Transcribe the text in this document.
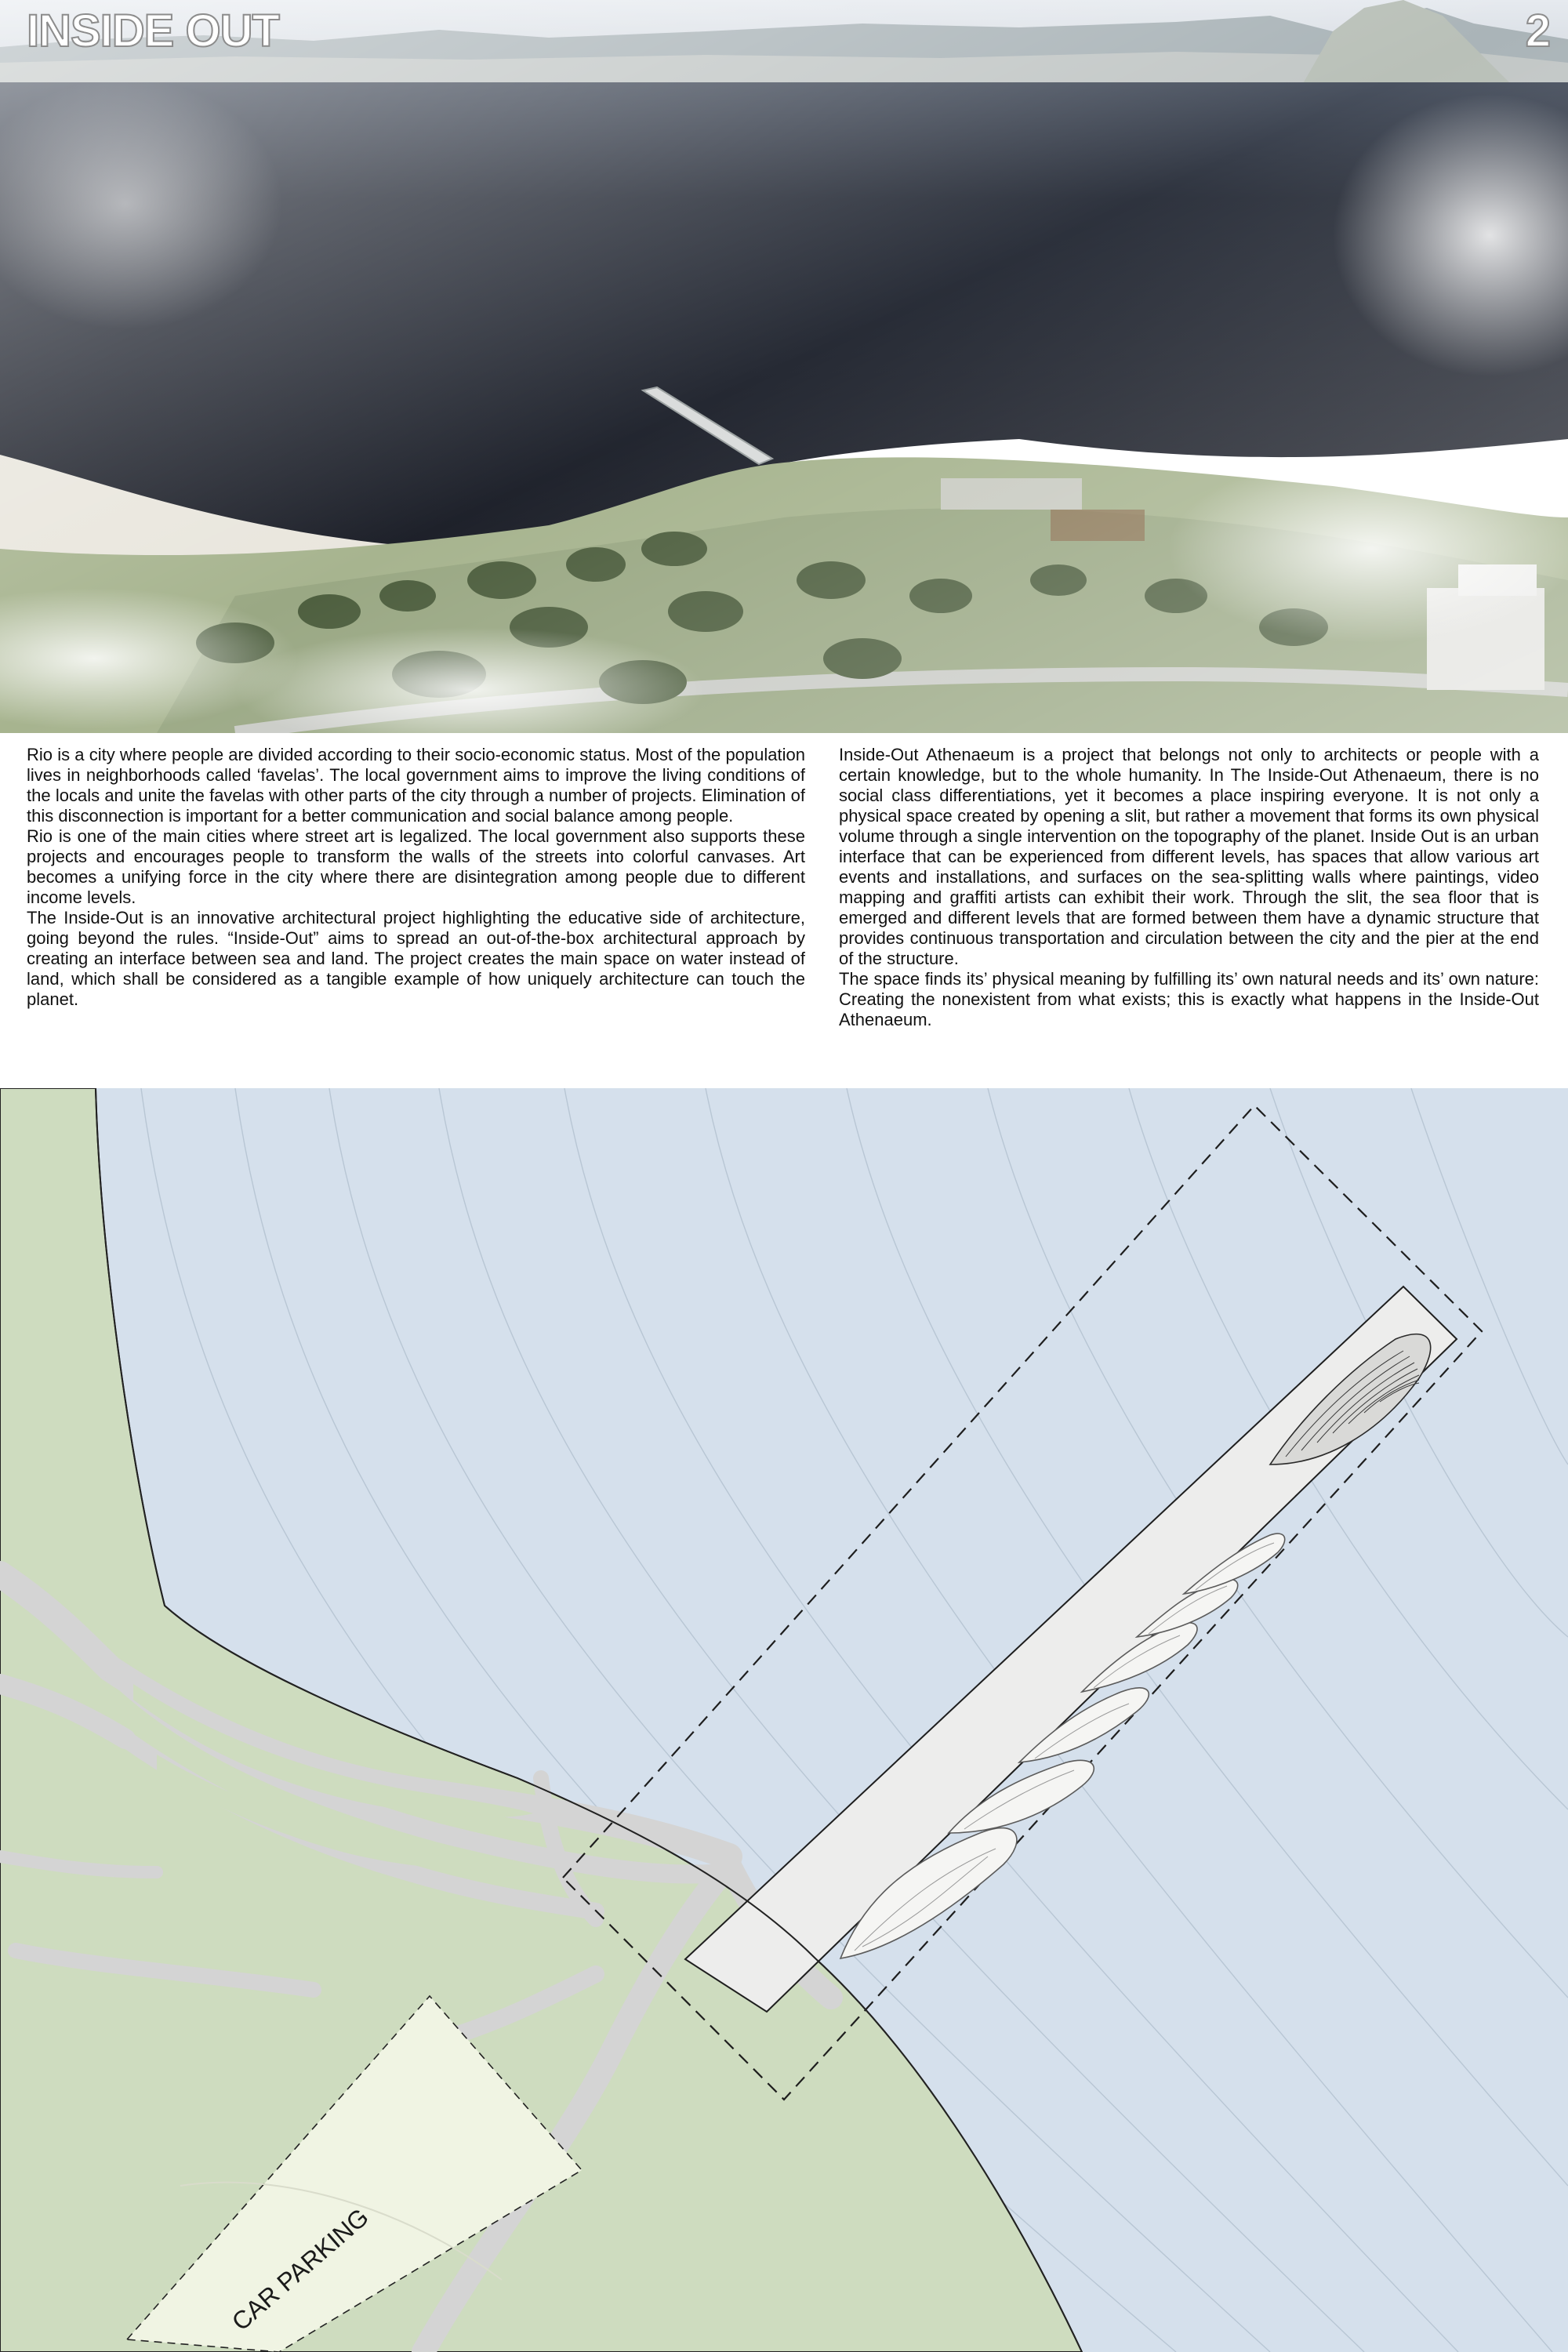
INSIDE OUT	2

Rio is a city where people are divided according to their socio-economic status. Most of the population lives in neighborhoods called ‘favelas’. The local government aims to improve the living conditions of the locals and unite the favelas with other parts of the city through a number of projects. Elimination of this disconnection is important for a better communication and social balance among people.

Rio is one of the main cities where street art is legalized. The local government also supports these projects and encourages people to transform the walls of the streets into colorful canvases. Art becomes a unifying force in the city where there are disintegration among people due to different income levels.

The Inside-Out is an innovative architectural project highlighting the educative side of architecture, going beyond the rules. “Inside-Out” aims to spread an out-of-the-box architectural approach by creating an interface between sea and land. The project creates the main space on water instead of land, which shall be considered as a tangible example of how uniquely architecture can touch the planet.

Inside-Out Athenaeum is a project that belongs not only to architects or people with a certain knowledge, but to the whole humanity. In The Inside-Out Athenaeum, there is no social class differentiations, yet it becomes a place inspiring everyone. It is not only a physical space created by opening a slit, but rather a movement that forms its own physical volume through a single intervention on the topography of the planet. Inside Out is an urban interface that can be experienced from different levels, has spaces that allow various art events and installations, and surfaces on the sea-splitting walls where paintings, video mapping and graffiti artists can exhibit their work. Through the slit, the sea floor that is emerged and different levels that are formed between them have a dynamic structure that provides continuous transportation and circulation between the city and the pier at the end of the structure.

The space finds its’ physical meaning by fulfilling its’ own natural needs and its’ own nature: Creating the nonexistent from what exists; this is exactly what happens in the Inside-Out Athenaeum.

CAR PARKING
